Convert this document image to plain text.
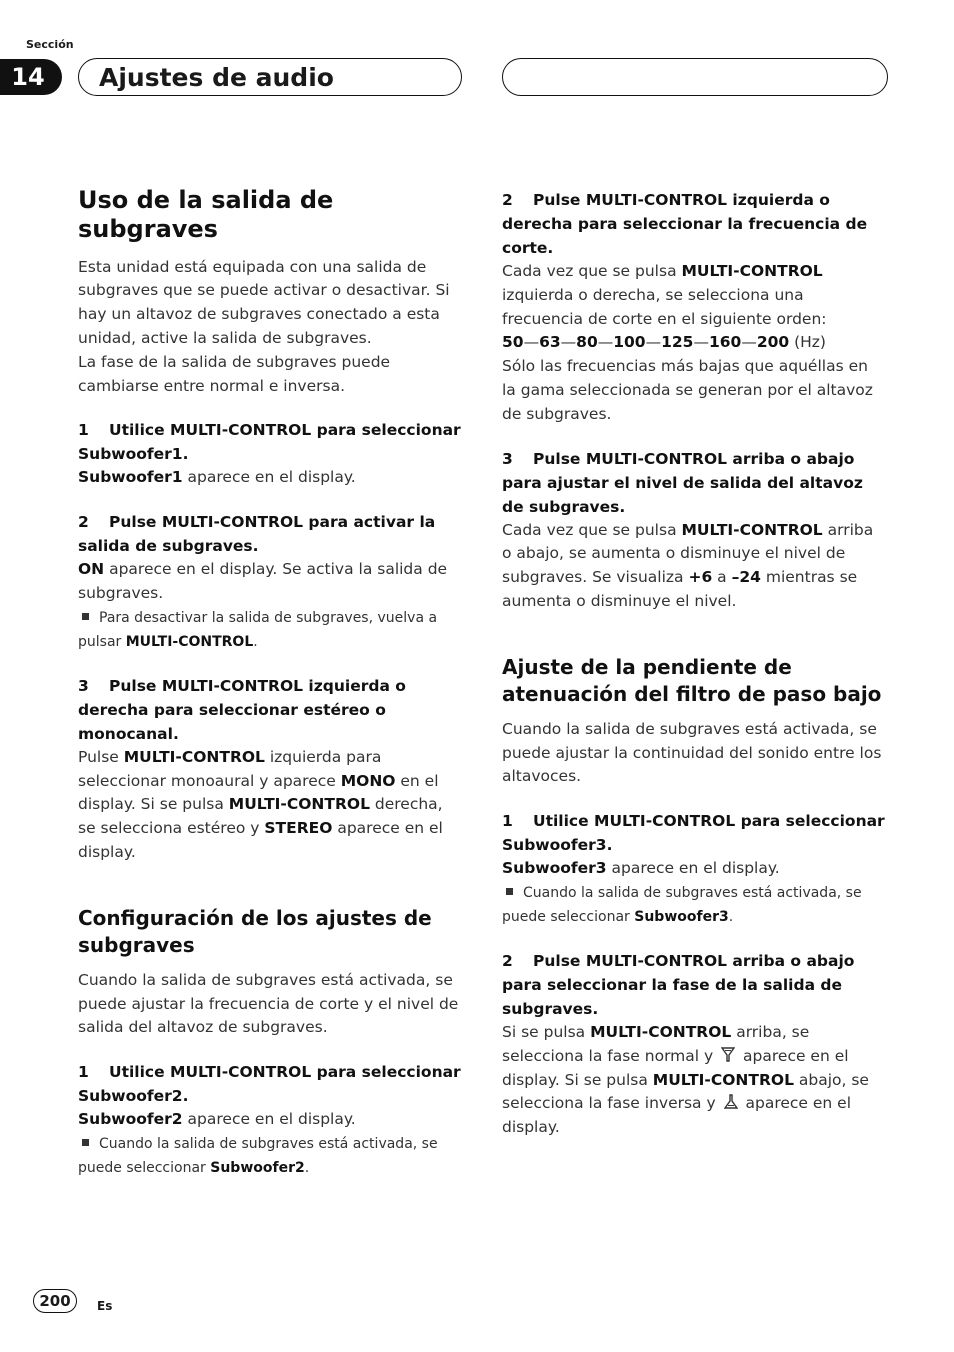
Sección
14	Ajustes de audio
Uso de la salida de subgraves

Esta unidad está equipada con una salida de subgraves que se puede activar o desactivar. Si hay un altavoz de subgraves conectado a esta unidad, active la salida de subgraves.

La fase de la salida de subgraves puede cambiarse entre normal e inversa.

1 Utilice MULTI-CONTROL para seleccionar Subwoofer1.

Subwoofer1 aparece en el display.

2 Pulse MULTI-CONTROL para activar la salida de subgraves.

ON aparece en el display. Se activa la salida de subgraves.

Para desactivar la salida de subgraves, vuelva a pulsar MULTI-CONTROL.

3 Pulse MULTI-CONTROL izquierda o derecha para seleccionar estéreo o monocanal.

Pulse MULTI-CONTROL izquierda para seleccionar monoaural y aparece MONO en el display. Si se pulsa MULTI-CONTROL derecha, se selecciona estéreo y STEREO aparece en el display.

Configuración de los ajustes de subgraves

Cuando la salida de subgraves está activada, se puede ajustar la frecuencia de corte y el nivel de salida del altavoz de subgraves.

1 Utilice MULTI-CONTROL para seleccionar Subwoofer2.

Subwoofer2 aparece en el display.

Cuando la salida de subgraves está activada, se puede seleccionar Subwoofer2.

2 Pulse MULTI-CONTROL izquierda o derecha para seleccionar la frecuencia de corte.

Cada vez que se pulsa MULTI-CONTROL izquierda o derecha, se selecciona una frecuencia de corte en el siguiente orden:

50—63—80—100—125—160—200 (Hz)

Sólo las frecuencias más bajas que aquéllas en la gama seleccionada se generan por el altavoz de subgraves.

3 Pulse MULTI-CONTROL arriba o abajo para ajustar el nivel de salida del altavoz de subgraves.

Cada vez que se pulsa MULTI-CONTROL arriba o abajo, se aumenta o disminuye el nivel de subgraves. Se visualiza +6 a –24 mientras se aumenta o disminuye el nivel.

Ajuste de la pendiente de atenuación del filtro de paso bajo

Cuando la salida de subgraves está activada, se puede ajustar la continuidad del sonido entre los altavoces.

1 Utilice MULTI-CONTROL para seleccionar Subwoofer3.

Subwoofer3 aparece en el display.

Cuando la salida de subgraves está activada, se puede seleccionar Subwoofer3.

2 Pulse MULTI-CONTROL arriba o abajo para seleccionar la fase de la salida de subgraves.

Si se pulsa MULTI-CONTROL arriba, se selecciona la fase normal y  aparece en el display. Si se pulsa MULTI-CONTROL abajo, se selecciona la fase inversa y  aparece en el display.

200	Es
